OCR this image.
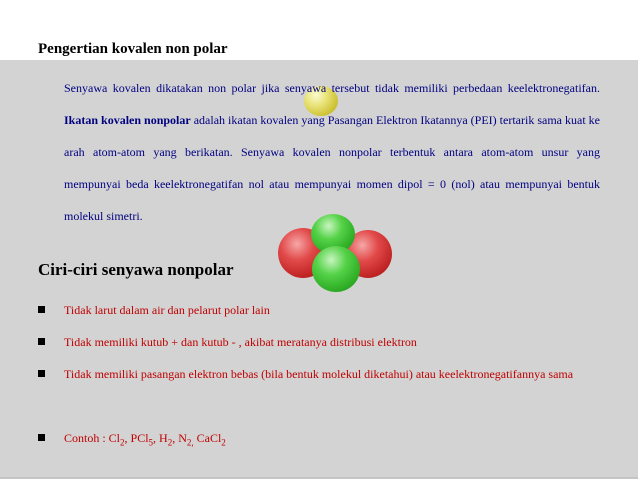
Pengertian kovalen non polar

Senyawa kovalen dikatakan non polar jika senyawa tersebut tidak memiliki perbedaan keelektronegatifan. Ikatan kovalen nonpolar adalah ikatan kovalen yang Pasangan Elektron Ikatannya (PEI) tertarik sama kuat ke arah atom-atom yang berikatan. Senyawa kovalen nonpolar terbentuk antara atom-atom unsur yang mempunyai beda keelektronegatifan nol atau mempunyai momen dipol = 0 (nol) atau mempunyai bentuk molekul simetri.

Ciri-ciri senyawa nonpolar
Tidak larut dalam air dan pelarut polar lain
Tidak memiliki kutub + dan kutub - , akibat meratanya distribusi elektron
Tidak memiliki pasangan elektron bebas (bila bentuk molekul diketahui) atau keelektronegatifannya sama
Contoh : $Cl_2$, PCl$_5$, $H_2$, $N_{2,}$ CaCl$_2$
